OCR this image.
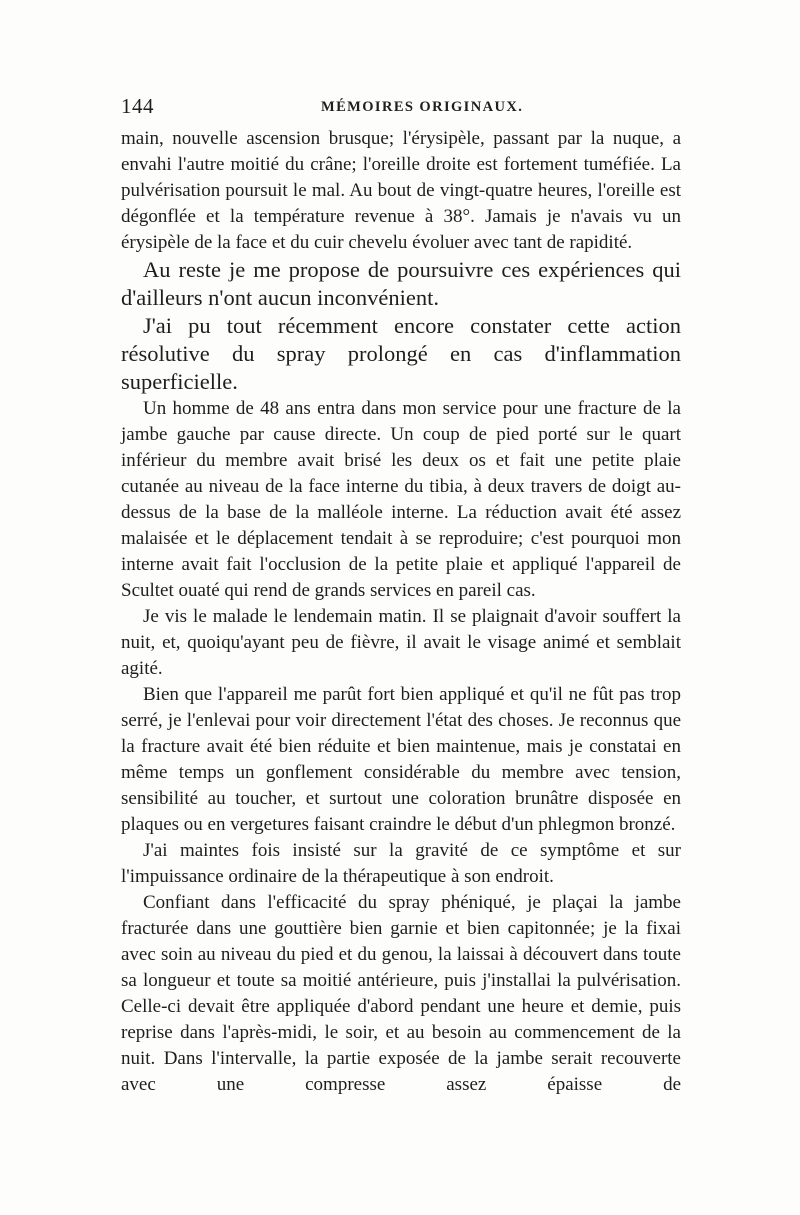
144	MÉMOIRES ORIGINAUX.

main, nouvelle ascension brusque; l'érysipèle, passant par la nuque, a envahi l'autre moitié du crâne; l'oreille droite est fortement tuméfiée. La pulvérisation poursuit le mal. Au bout de vingt-quatre heures, l'oreille est dégonflée et la température revenue à 38°. Jamais je n'avais vu un érysipèle de la face et du cuir chevelu évoluer avec tant de rapidité.

Au reste je me propose de poursuivre ces expériences qui d'ailleurs n'ont aucun inconvénient.

J'ai pu tout récemment encore constater cette action résolutive du spray prolongé en cas d'inflammation superficielle.

Un homme de 48 ans entra dans mon service pour une fracture de la jambe gauche par cause directe. Un coup de pied porté sur le quart inférieur du membre avait brisé les deux os et fait une petite plaie cutanée au niveau de la face interne du tibia, à deux travers de doigt au-dessus de la base de la malléole interne. La réduction avait été assez malaisée et le déplacement tendait à se reproduire; c'est pourquoi mon interne avait fait l'occlusion de la petite plaie et appliqué l'appareil de Scultet ouaté qui rend de grands services en pareil cas.

Je vis le malade le lendemain matin. Il se plaignait d'avoir souffert la nuit, et, quoiqu'ayant peu de fièvre, il avait le visage animé et semblait agité.

Bien que l'appareil me parût fort bien appliqué et qu'il ne fût pas trop serré, je l'enlevai pour voir directement l'état des choses. Je reconnus que la fracture avait été bien réduite et bien maintenue, mais je constatai en même temps un gonflement considérable du membre avec tension, sensibilité au toucher, et surtout une coloration brunâtre disposée en plaques ou en vergetures faisant craindre le début d'un phlegmon bronzé.

J'ai maintes fois insisté sur la gravité de ce symptôme et sur l'impuissance ordinaire de la thérapeutique à son endroit.

Confiant dans l'efficacité du spray phéniqué, je plaçai la jambe fracturée dans une gouttière bien garnie et bien capitonnée; je la fixai avec soin au niveau du pied et du genou, la laissai à découvert dans toute sa longueur et toute sa moitié antérieure, puis j'installai la pulvérisation. Celle-ci devait être appliquée d'abord pendant une heure et demie, puis reprise dans l'après-midi, le soir, et au besoin au commencement de la nuit. Dans l'intervalle, la partie exposée de la jambe serait recouverte avec une compresse assez épaisse de
